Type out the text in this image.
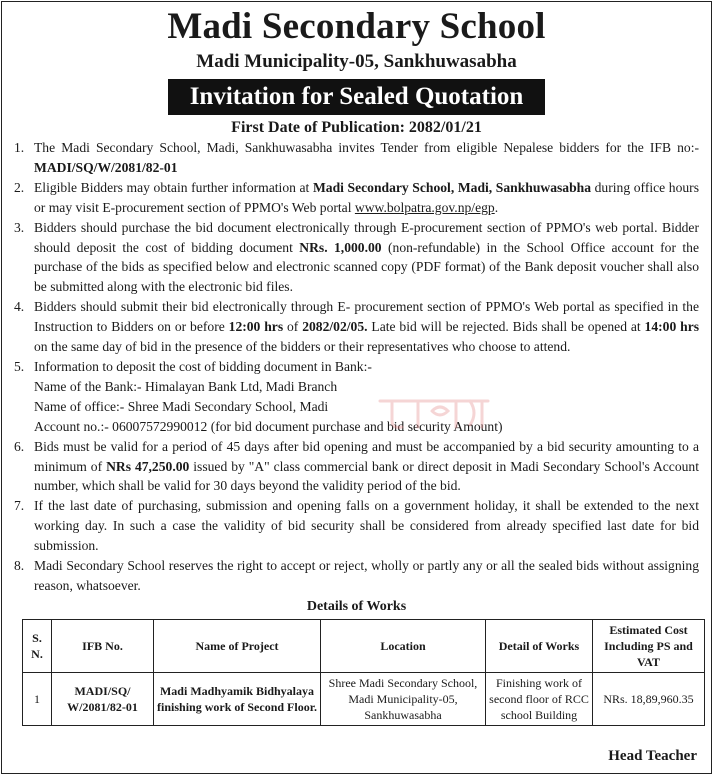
Madi Secondary School
Madi Municipality-05, Sankhuwasabha
Invitation for Sealed Quotation
First Date of Publication: 2082/01/21
1. The Madi Secondary School, Madi, Sankhuwasabha invites Tender from eligible Nepalese bidders for the IFB no:- MADI/SQ/W/2081/82-01
2. Eligible Bidders may obtain further information at Madi Secondary School, Madi, Sankhuwasabha during office hours or may visit E-procurement section of PPMO's Web portal www.bolpatra.gov.np/egp.
3. Bidders should purchase the bid document electronically through E-procurement section of PPMO's web portal. Bidder should deposit the cost of bidding document NRs. 1,000.00 (non-refundable) in the School Office account for the purchase of the bids as specified below and electronic scanned copy (PDF format) of the Bank deposit voucher shall also be submitted along with the electronic bid files.
4. Bidders should submit their bid electronically through E- procurement section of PPMO's Web portal as specified in the Instruction to Bidders on or before 12:00 hrs of 2082/02/05. Late bid will be rejected. Bids shall be opened at 14:00 hrs on the same day of bid in the presence of the bidders or their representatives who choose to attend.
5. Information to deposit the cost of bidding document in Bank:-
Name of the Bank:- Himalayan Bank Ltd, Madi Branch
Name of office:- Shree Madi Secondary School, Madi
Account no.:- 06007572990012 (for bid document purchase and bid security Amount)
6. Bids must be valid for a period of 45 days after bid opening and must be accompanied by a bid security amounting to a minimum of NRs 47,250.00 issued by "A" class commercial bank or direct deposit in Madi Secondary School's Account number, which shall be valid for 30 days beyond the validity period of the bid.
7. If the last date of purchasing, submission and opening falls on a government holiday, it shall be extended to the next working day. In such a case the validity of bid security shall be considered from already specified last date for bid submission.
8. Madi Secondary School reserves the right to accept or reject, wholly or partly any or all the sealed bids without assigning reason, whatsoever.
Details of Works
S. N.	IFB No.	Name of Project	Location	Detail of Works	Estimated Cost Including PS and VAT
1	MADI/SQ/ W/2081/82-01	Madi Madhyamik Bidhyalaya finishing work of Second Floor.	Shree Madi Secondary School, Madi Municipality-05, Sankhuwasabha	Finishing work of second floor of RCC school Building	NRs. 18,89,960.35
Head Teacher
